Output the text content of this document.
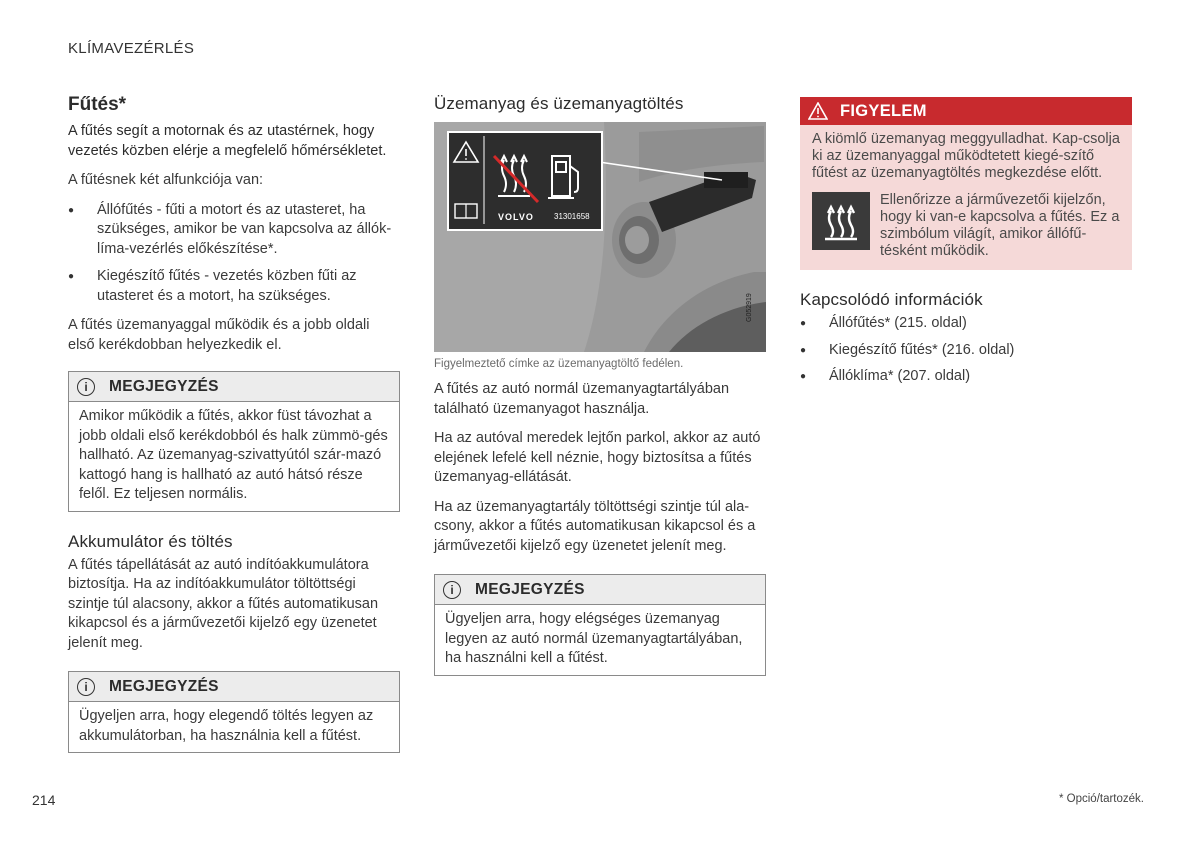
KLÍMAVEZÉRLÉS
Fűtés*

A fűtés segít a motornak és az utastérnek, hogy vezetés közben elérje a megfelelő hőmérsékletet.

A fűtésnek két alfunkciója van:

● Állófűtés - fűti a motort és az utasteret, ha szükséges, amikor be van kapcsolva az állók-líma-vezérlés előkészítése*.
● Kiegészítő fűtés - vezetés közben fűti az utasteret és a motort, ha szükséges.

A fűtés üzemanyaggal működik és a jobb oldali első kerékdobban helyezkedik el.

i	MEGJEGYZÉS
Amikor működik a fűtés, akkor füst távozhat a jobb oldali első kerékdobból és halk zümmö-gés hallható. Az üzemanyag-szivattyútól szár-mazó kattogó hang is hallható az autó hátsó része felől. Ez teljesen normális.
Akkumulátor és töltés

A fűtés tápellátását az autó indítóakkumulátora biztosítja. Ha az indítóakkumulátor töltöttségi szintje túl alacsony, akkor a fűtés automatikusan kikapcsol és a járművezetői kijelző egy üzenetet jelenít meg.

i	MEGJEGYZÉS
Ügyeljen arra, hogy elegendő töltés legyen az akkumulátorban, ha használnia kell a fűtést.
Üzemanyag és üzemanyagtöltés
VOLVO	31301658
G052919
Figyelmeztető címke az üzemanyagtöltő fedélen.

A fűtés az autó normál üzemanyagtartályában található üzemanyagot használja.

Ha az autóval meredek lejtőn parkol, akkor az autó elejének lefelé kell néznie, hogy biztosítsa a fűtés üzemanyag-ellátását.

Ha az üzemanyagtartály töltöttségi szintje túl ala-csony, akkor a fűtés automatikusan kikapcsol és a járművezetői kijelző egy üzenetet jelenít meg.

i	MEGJEGYZÉS
Ügyeljen arra, hogy elégséges üzemanyag legyen az autó normál üzemanyagtartályában, ha használni kell a fűtést.
FIGYELEM

A kiömlő üzemanyag meggyulladhat. Kap-csolja ki az üzemanyaggal működtetett kiegé-szítő fűtést az üzemanyagtöltés megkezdése előtt.

Ellenőrizze a járművezetői kijelzőn, hogy ki van-e kapcsolva a fűtés. Ez a szimbólum világít, amikor állófű-tésként működik.
Kapcsolódó információk
● Állófűtés* (215. oldal)
● Kiegészítő fűtés* (216. oldal)
● Állóklíma* (207. oldal)
214	* Opció/tartozék.
